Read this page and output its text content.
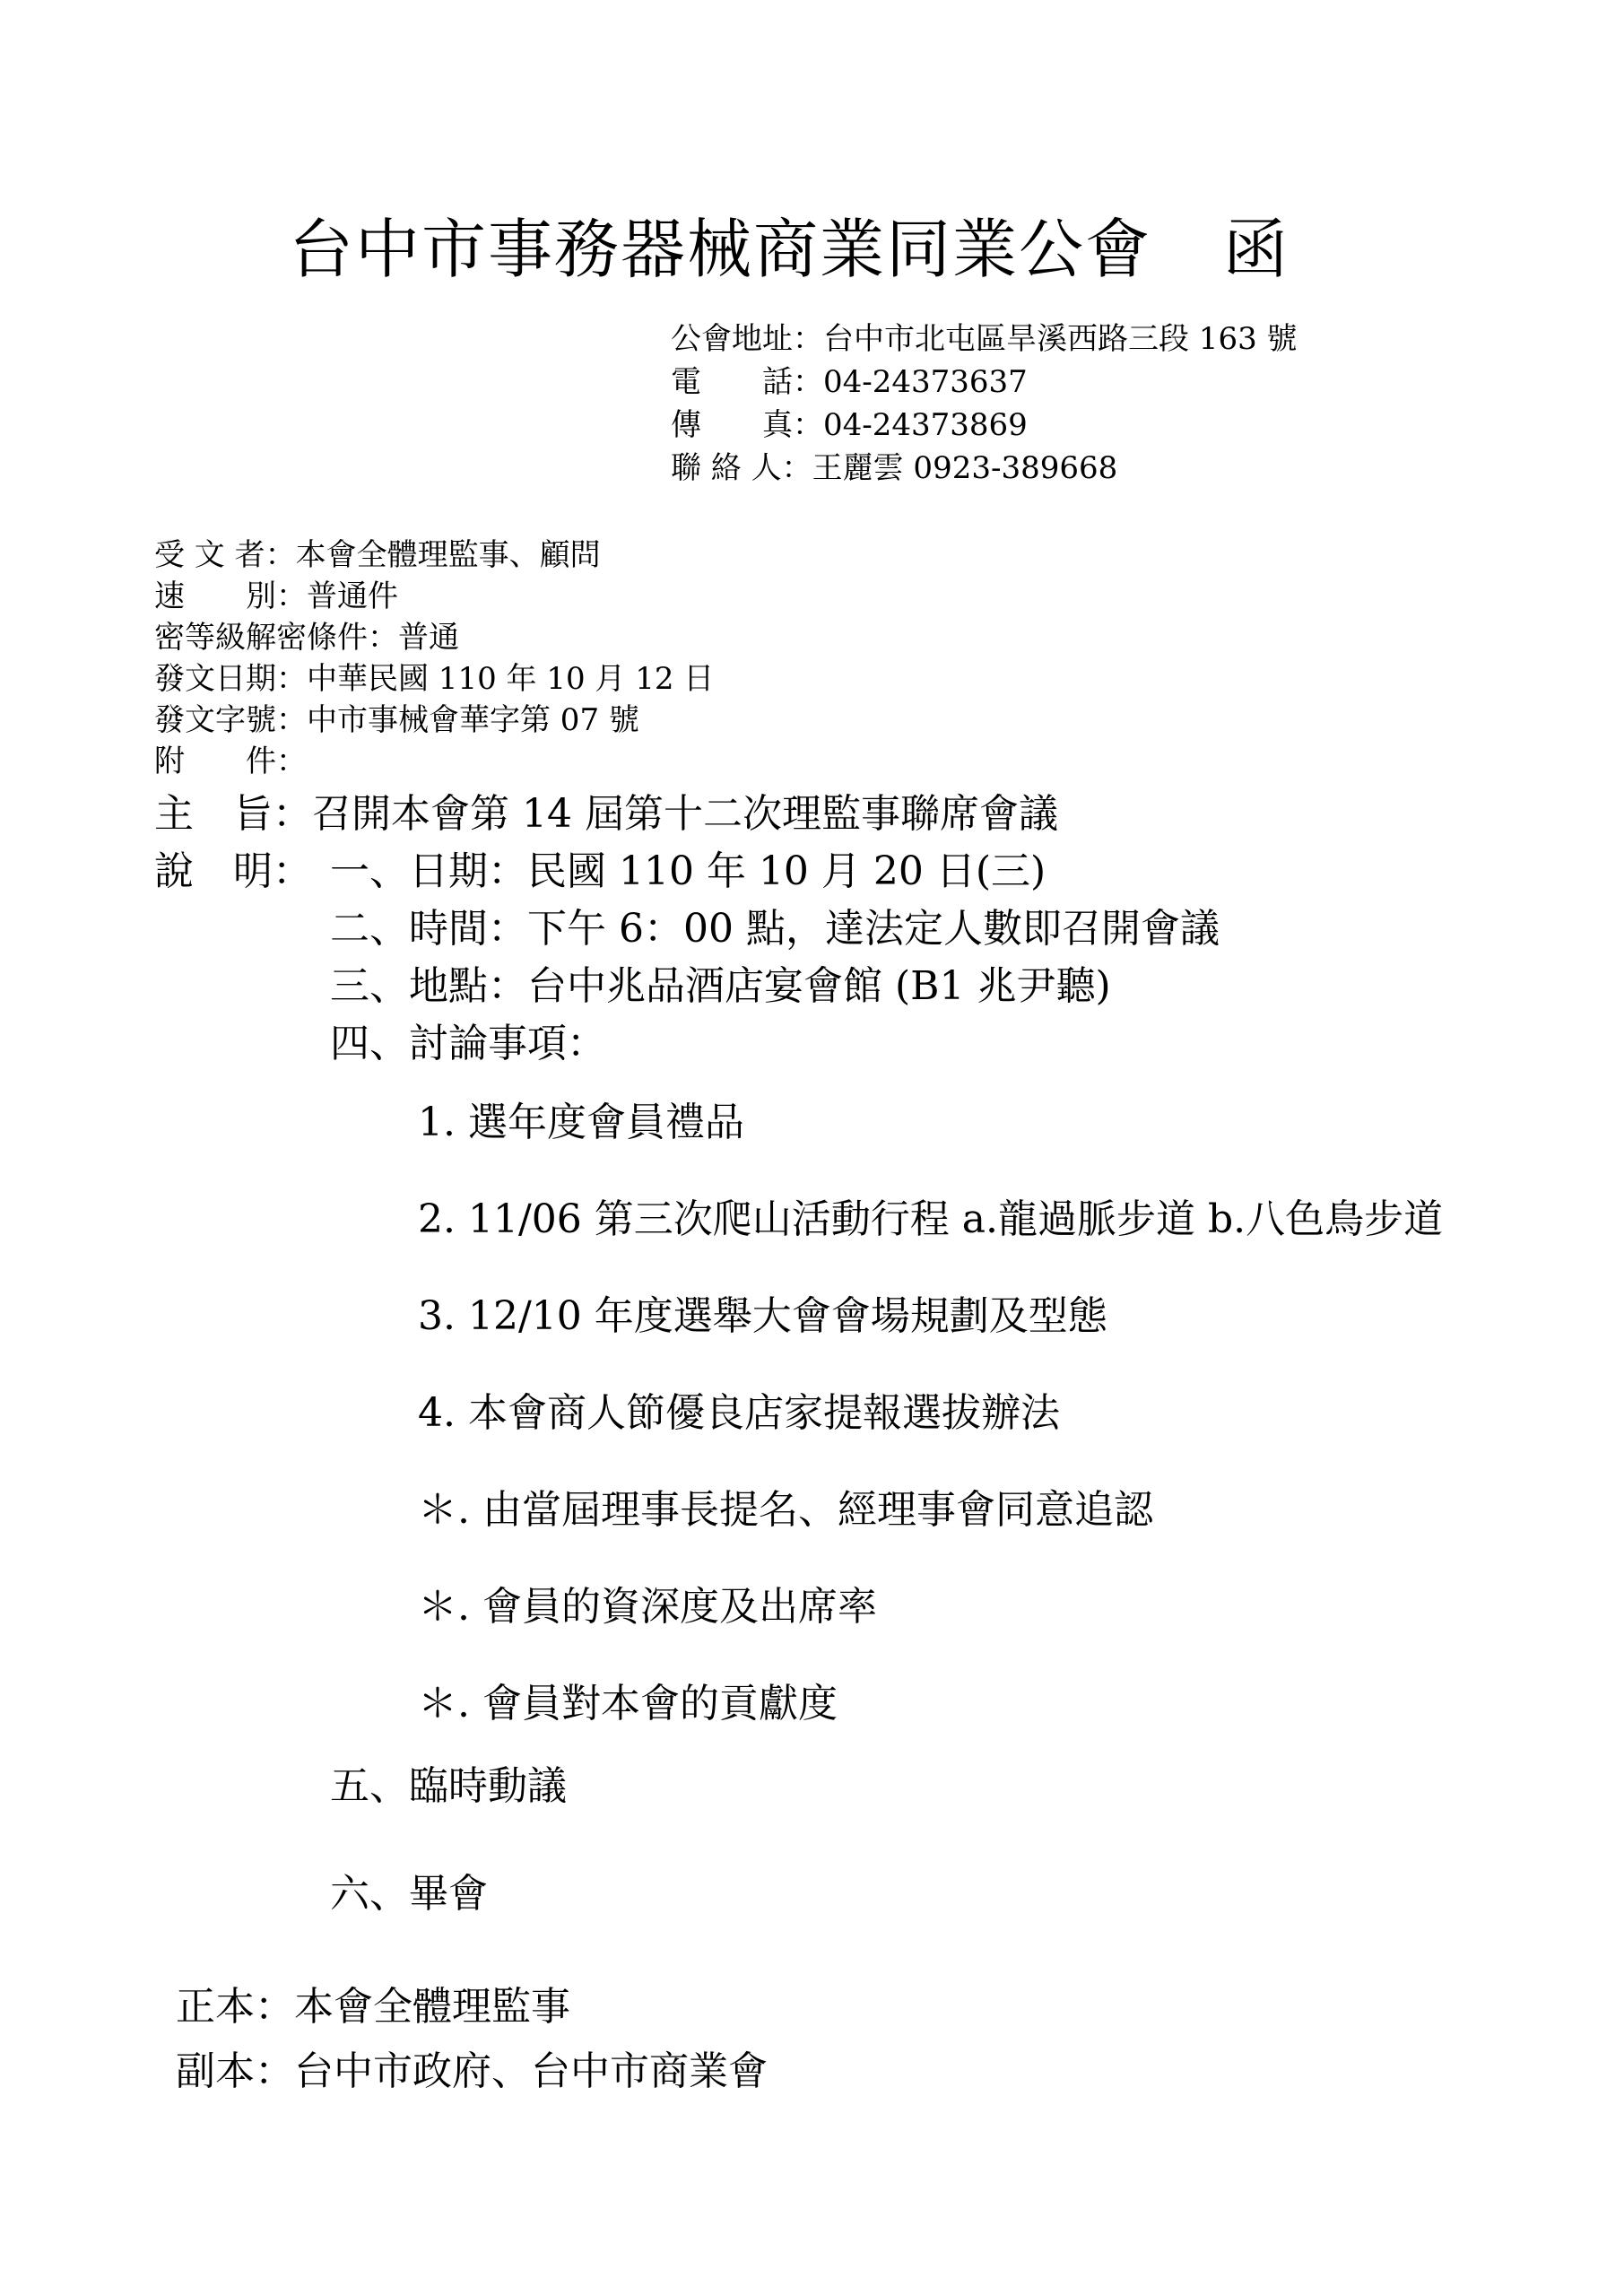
台中市事務器械商業同業公會 函
公會地址：台中市北屯區旱溪西路三段 163 號
電　　話：04-24373637
傳　　真：04-24373869
聯 絡 人：王麗雲 0923-389668
受 文 者：本會全體理監事、顧問
速　　別：普通件
密等級解密條件：普通
發文日期：中華民國 110 年 10 月 12 日
發文字號：中市事械會華字第 07 號
附　　件：
主　旨：召開本會第 14 屆第十二次理監事聯席會議
說　明： 一、日期：民國 110 年 10 月 20 日(三)
二、時間：下午 6：00 點，達法定人數即召開會議
三、地點：台中兆品酒店宴會館 (B1 兆尹聽)
四、討論事項：
1. 選年度會員禮品
2. 11/06 第三次爬山活動行程 a.龍過脈步道 b.八色鳥步道
3. 12/10 年度選舉大會會場規劃及型態
4. 本會商人節優良店家提報選拔辦法
＊. 由當屆理事長提名、經理事會同意追認
＊. 會員的資深度及出席率
＊. 會員對本會的貢獻度
五、臨時動議
六、畢會
正本：本會全體理監事
副本：台中市政府、台中市商業會
